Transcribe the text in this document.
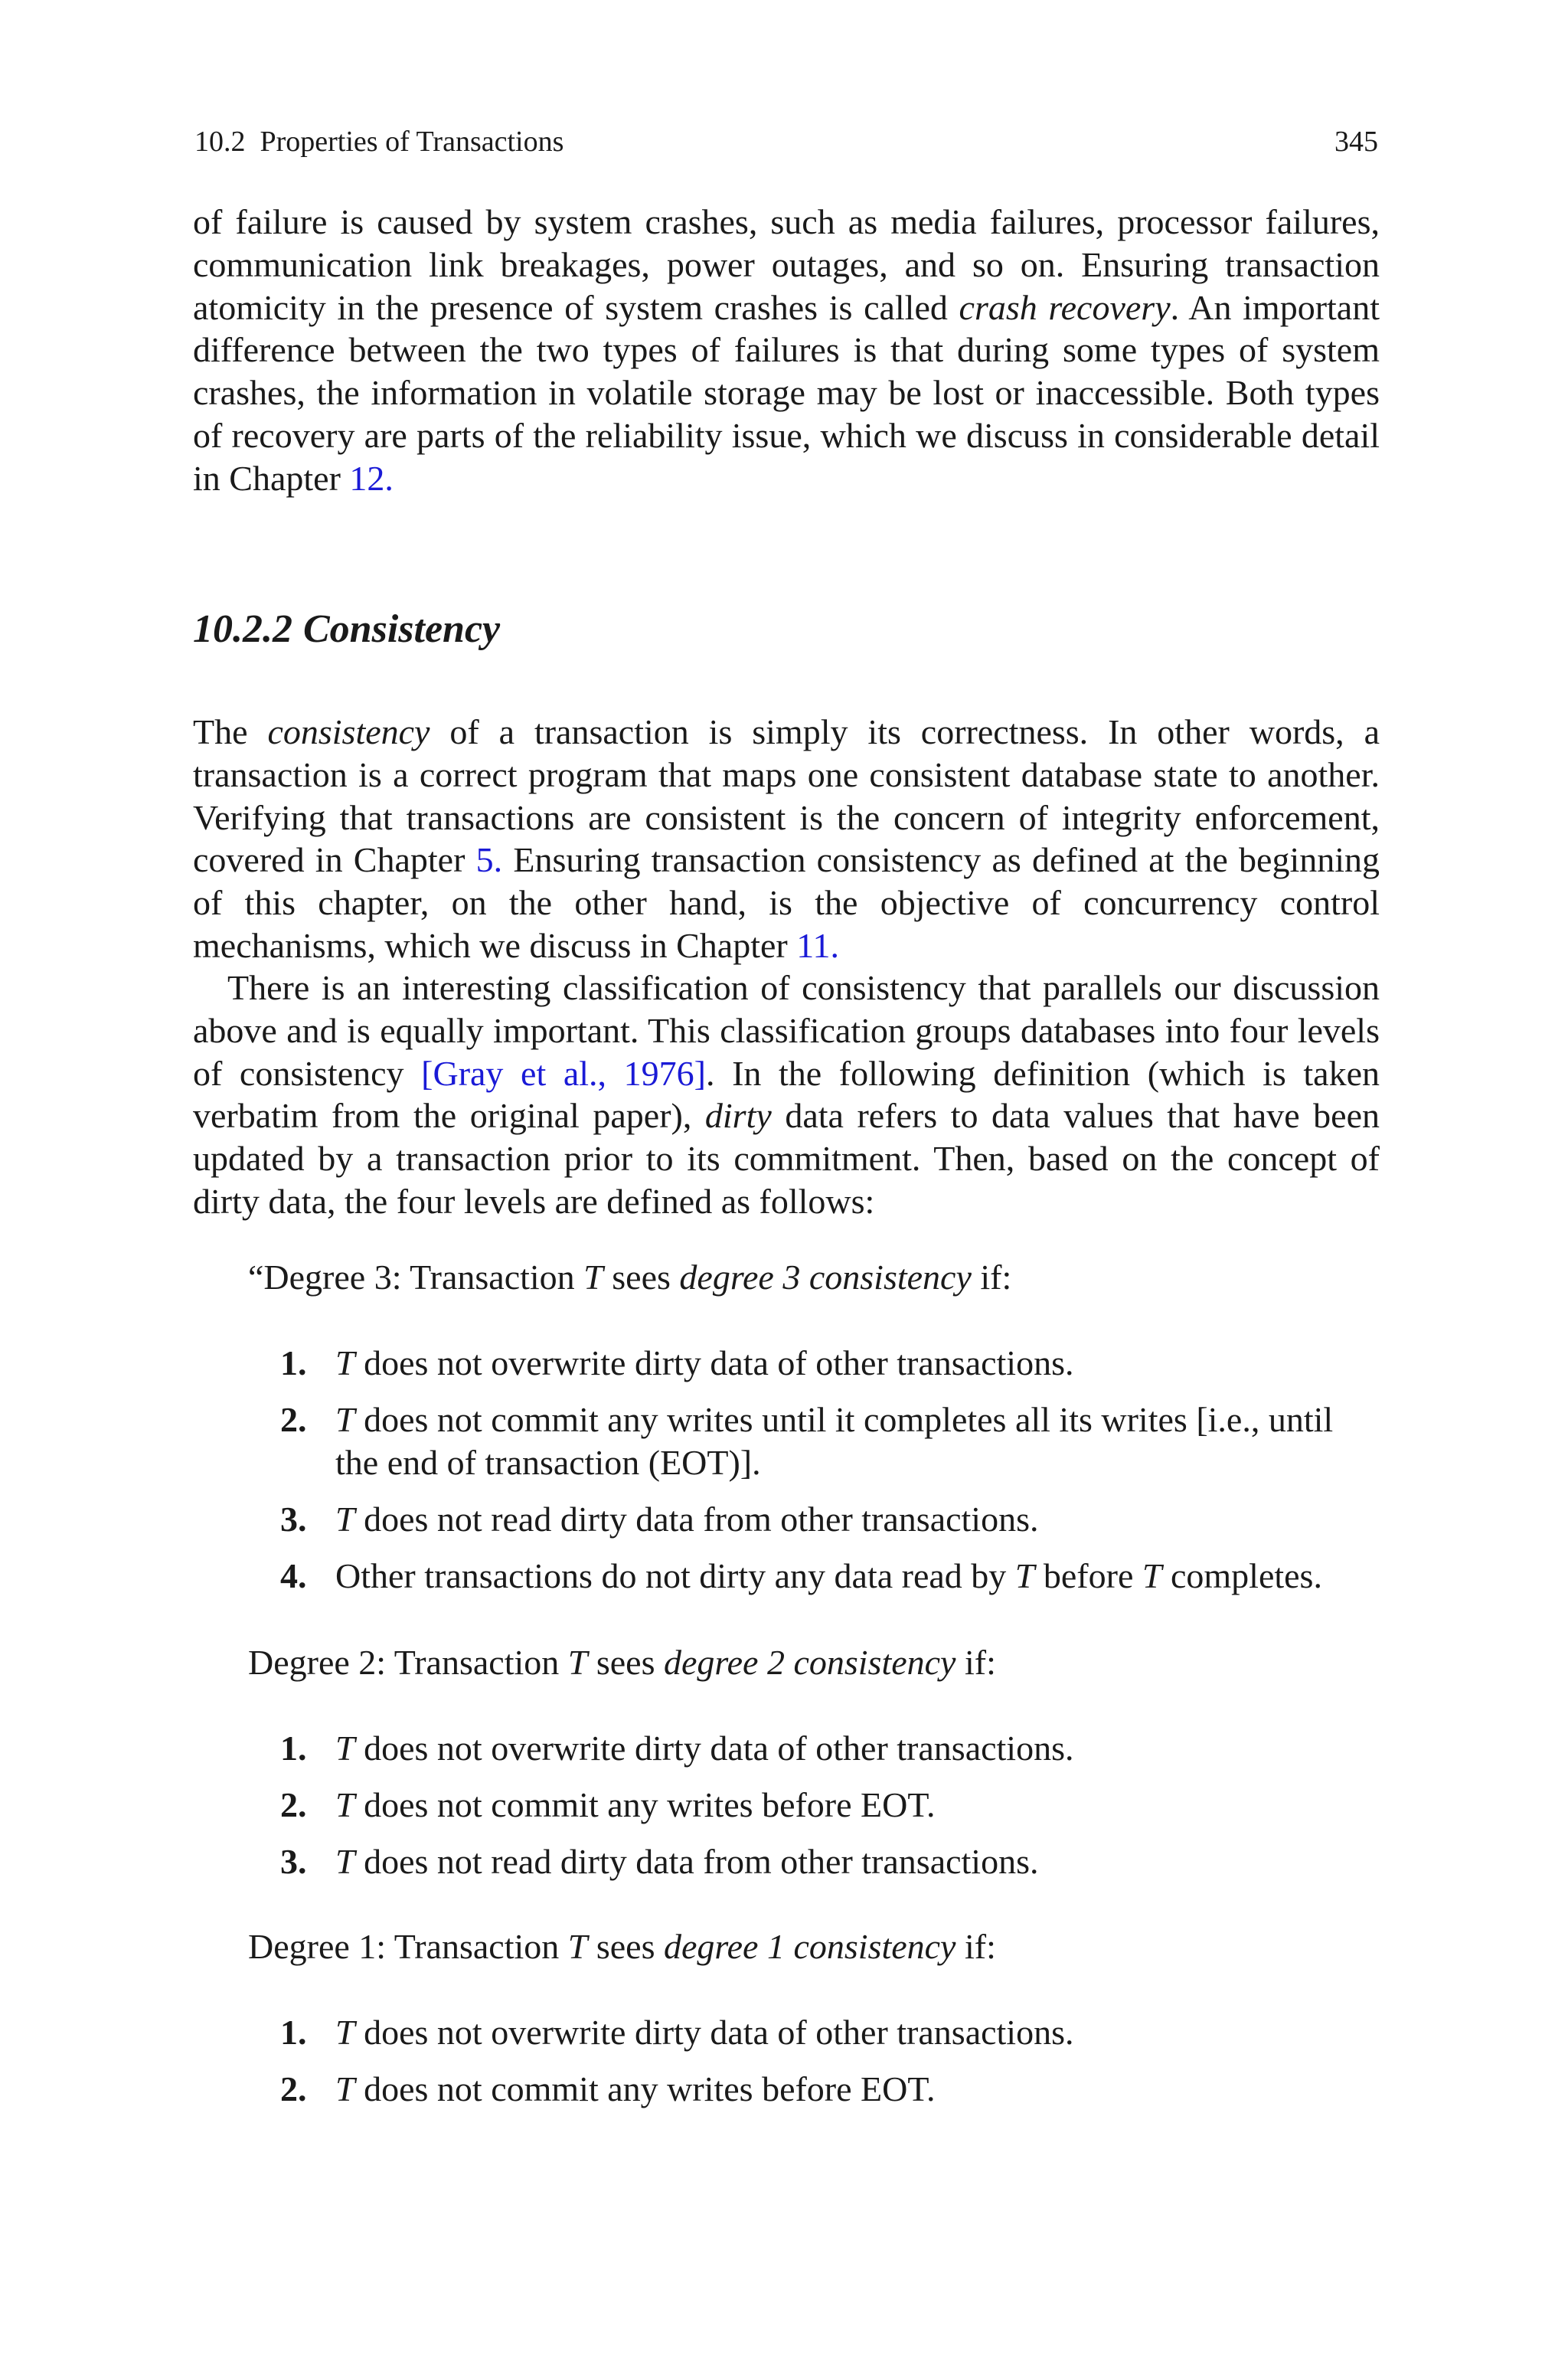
10.2  Properties of Transactions	345

of failure is caused by system crashes, such as media failures, processor failures, communication link breakages, power outages, and so on. Ensuring transaction atomicity in the presence of system crashes is called crash recovery. An important difference between the two types of failures is that during some types of system crashes, the information in volatile storage may be lost or inaccessible. Both types of recovery are parts of the reliability issue, which we discuss in considerable detail in Chapter 12.

10.2.2 Consistency

The consistency of a transaction is simply its correctness. In other words, a transaction is a correct program that maps one consistent database state to another. Verifying that transactions are consistent is the concern of integrity enforcement, covered in Chapter 5. Ensuring transaction consistency as defined at the beginning of this chapter, on the other hand, is the objective of concurrency control mechanisms, which we discuss in Chapter 11.

There is an interesting classification of consistency that parallels our discussion above and is equally important. This classification groups databases into four levels of consistency [Gray et al., 1976]. In the following definition (which is taken verbatim from the original paper), dirty data refers to data values that have been updated by a transaction prior to its commitment. Then, based on the concept of dirty data, the four levels are defined as follows:

“Degree 3: Transaction T sees degree 3 consistency if:

1. T does not overwrite dirty data of other transactions.
2. T does not commit any writes until it completes all its writes [i.e., until the end of transaction (EOT)].
3. T does not read dirty data from other transactions.
4. Other transactions do not dirty any data read by T before T completes.

Degree 2: Transaction T sees degree 2 consistency if:

1. T does not overwrite dirty data of other transactions.
2. T does not commit any writes before EOT.
3. T does not read dirty data from other transactions.

Degree 1: Transaction T sees degree 1 consistency if:

1. T does not overwrite dirty data of other transactions.
2. T does not commit any writes before EOT.
